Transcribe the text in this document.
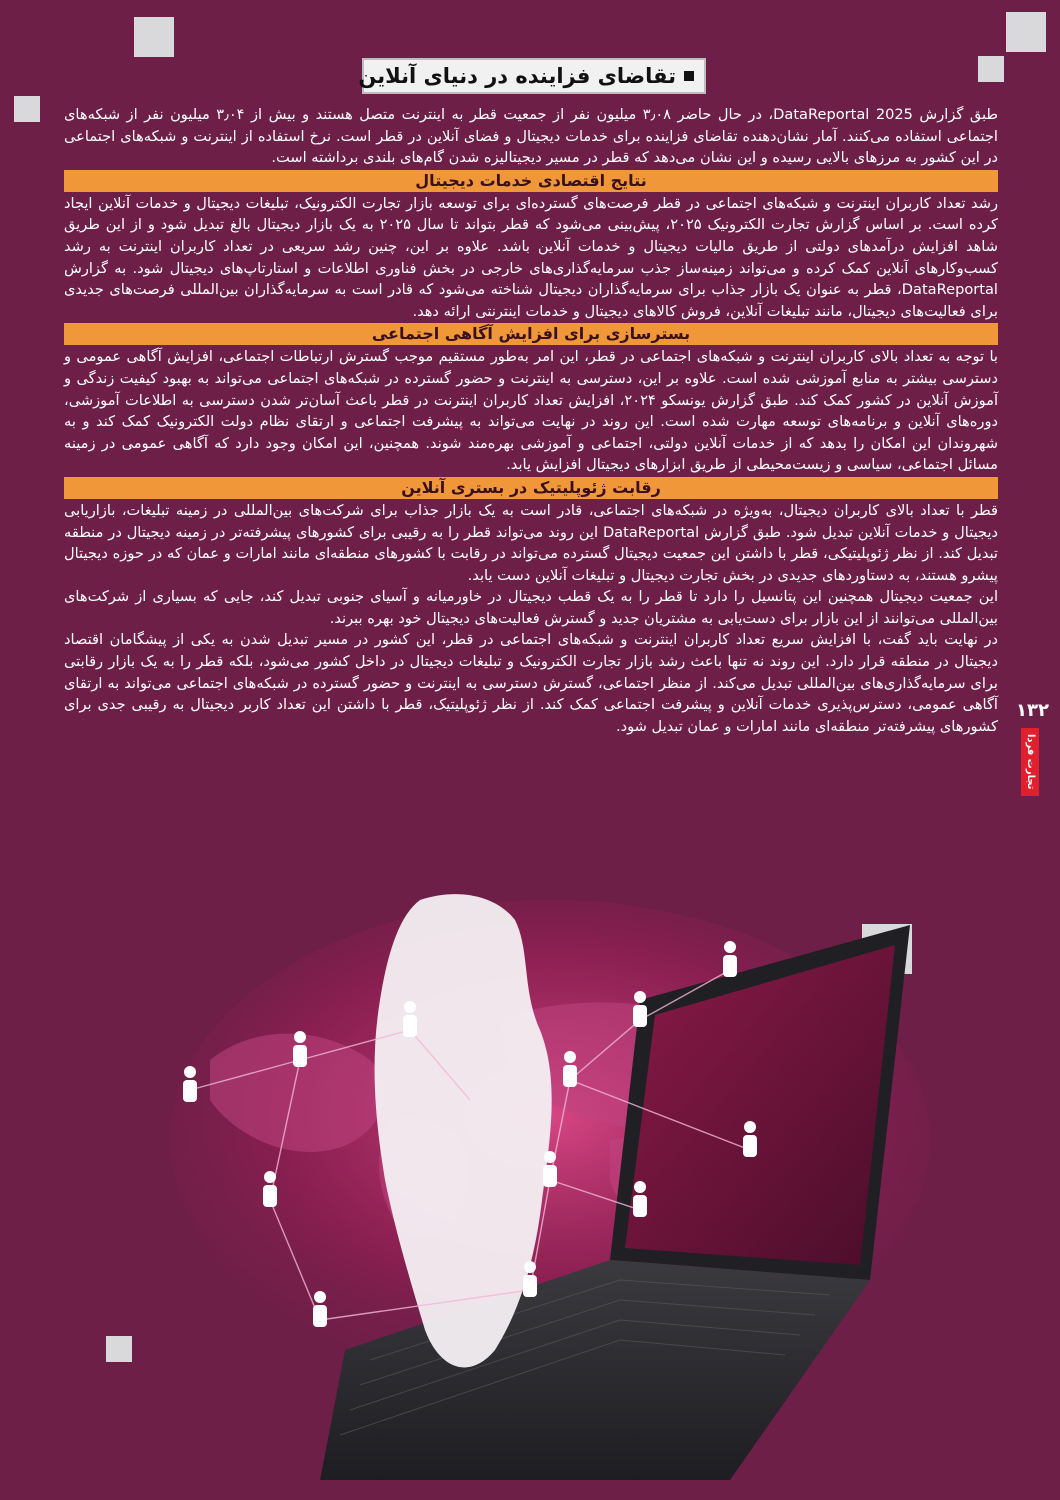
تقاضای فزاینده در دنیای آنلاین

طبق گزارش DataReportal 2025، در حال حاضر ۳٫۰۸ میلیون نفر از جمعیت قطر به اینترنت متصل هستند و بیش از ۳٫۰۴ میلیون نفر از شبکه‌های اجتماعی استفاده می‌کنند. آمار نشان‌دهنده تقاضای فزاینده برای خدمات دیجیتال و فضای آنلاین در قطر است. نرخ استفاده از اینترنت و شبکه‌های اجتماعی در این کشور به مرزهای بالایی رسیده و این نشان می‌دهد که قطر در مسیر دیجیتالیزه شدن گام‌های بلندی برداشته است.

نتایج اقتصادی خدمات دیجیتال

رشد تعداد کاربران اینترنت و شبکه‌های اجتماعی در قطر فرصت‌های گسترده‌ای برای توسعه بازار تجارت الکترونیک، تبلیغات دیجیتال و خدمات آنلاین ایجاد کرده است. بر اساس گزارش تجارت الکترونیک ۲۰۲۵، پیش‌بینی می‌شود که قطر بتواند تا سال ۲۰۲۵ به یک بازار دیجیتال بالغ تبدیل شود و از این طریق شاهد افزایش درآمدهای دولتی از طریق مالیات دیجیتال و خدمات آنلاین باشد. علاوه بر این، چنین رشد سریعی در تعداد کاربران اینترنت به رشد کسب‌وکارهای آنلاین کمک کرده و می‌تواند زمینه‌ساز جذب سرمایه‌گذاری‌های خارجی در بخش فناوری اطلاعات و استارتاپ‌های دیجیتال شود. به گزارش DataReportal، قطر به عنوان یک بازار جذاب برای سرمایه‌گذاران دیجیتال شناخته می‌شود که قادر است به سرمایه‌گذاران بین‌المللی فرصت‌های جدیدی برای فعالیت‌های دیجیتال، مانند تبلیغات آنلاین، فروش کالاهای دیجیتال و خدمات اینترنتی ارائه دهد.

بسترسازی برای افزایش آگاهی اجتماعی

با توجه به تعداد بالای کاربران اینترنت و شبکه‌های اجتماعی در قطر، این امر به‌طور مستقیم موجب گسترش ارتباطات اجتماعی، افزایش آگاهی عمومی و دسترسی بیشتر به منابع آموزشی شده است. علاوه بر این، دسترسی به اینترنت و حضور گسترده در شبکه‌های اجتماعی می‌تواند به بهبود کیفیت زندگی و آموزش آنلاین در کشور کمک کند. طبق گزارش یونسکو ۲۰۲۴، افزایش تعداد کاربران اینترنت در قطر باعث آسان‌تر شدن دسترسی به اطلاعات آموزشی، دوره‌های آنلاین و برنامه‌های توسعه مهارت شده است. این روند در نهایت می‌تواند به پیشرفت اجتماعی و ارتقای نظام دولت الکترونیک کمک کند و به شهروندان این امکان را بدهد که از خدمات آنلاین دولتی، اجتماعی و آموزشی بهره‌مند شوند. همچنین، این امکان وجود دارد که آگاهی عمومی در زمینه مسائل اجتماعی، سیاسی و زیست‌محیطی از طریق ابزارهای دیجیتال افزایش یابد.

رقابت ژئوپلیتیک در بستری آنلاین

قطر با تعداد بالای کاربران دیجیتال، به‌ویژه در شبکه‌های اجتماعی، قادر است به یک بازار جذاب برای شرکت‌های بین‌المللی در زمینه تبلیغات، بازاریابی دیجیتال و خدمات آنلاین تبدیل شود. طبق گزارش DataReportal این روند می‌تواند قطر را به رقیبی برای کشورهای پیشرفته‌تر در زمینه دیجیتال در منطقه تبدیل کند. از نظر ژئوپلیتیکی، قطر با داشتن این جمعیت دیجیتال گسترده می‌تواند در رقابت با کشورهای منطقه‌ای مانند امارات و عمان که در حوزه دیجیتال پیشرو هستند، به دستاوردهای جدیدی در بخش تجارت دیجیتال و تبلیغات آنلاین دست یابد.

این جمعیت دیجیتال همچنین این پتانسیل را دارد تا قطر را به یک قطب دیجیتال در خاورمیانه و آسیای جنوبی تبدیل کند، جایی که بسیاری از شرکت‌های بین‌المللی می‌توانند از این بازار برای دست‌یابی به مشتریان جدید و گسترش فعالیت‌های دیجیتال خود بهره ببرند.

در نهایت باید گفت، با افزایش سریع تعداد کاربران اینترنت و شبکه‌های اجتماعی در قطر، این کشور در مسیر تبدیل شدن به یکی از پیشگامان اقتصاد دیجیتال در منطقه قرار دارد. این روند نه تنها باعث رشد بازار تجارت الکترونیک و تبلیغات دیجیتال در داخل کشور می‌شود، بلکه قطر را به یک بازار رقابتی برای سرمایه‌گذاری‌های بین‌المللی تبدیل می‌کند. از منظر اجتماعی، گسترش دسترسی به اینترنت و حضور گسترده در شبکه‌های اجتماعی می‌تواند به ارتقای آگاهی عمومی، دسترس‌پذیری خدمات آنلاین و پیشرفت اجتماعی کمک کند. از نظر ژئوپلیتیک، قطر با داشتن این تعداد کاربر دیجیتال به رقیبی جدی برای کشورهای پیشرفته‌تر منطقه‌ای مانند امارات و عمان تبدیل شود.

۱۳۲
تجارت فردا
